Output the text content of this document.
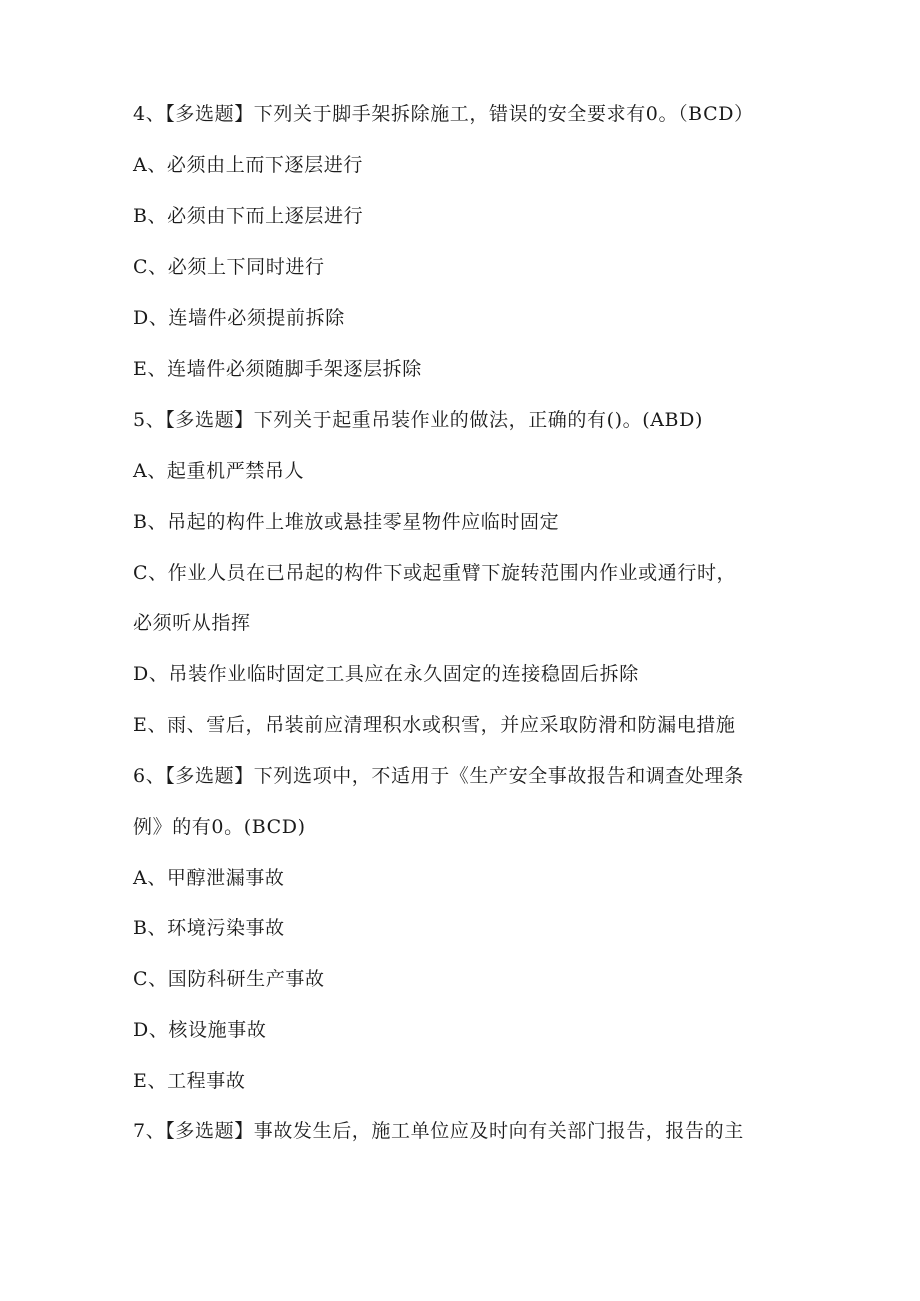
4、【多选题】下列关于脚手架拆除施工，错误的安全要求有0。（BCD）
A、必须由上而下逐层进行
B、必须由下而上逐层进行
C、必须上下同时进行
D、连墙件必须提前拆除
E、连墙件必须随脚手架逐层拆除
5、【多选题】下列关于起重吊装作业的做法，正确的有()。(ABD)
A、起重机严禁吊人
B、吊起的构件上堆放或悬挂零星物件应临时固定
C、作业人员在已吊起的构件下或起重臂下旋转范围内作业或通行时，
必须听从指挥
D、吊装作业临时固定工具应在永久固定的连接稳固后拆除
E、雨、雪后，吊装前应清理积水或积雪，并应采取防滑和防漏电措施
6、【多选题】下列选项中，不适用于《生产安全事故报告和调查处理条
例》的有0。(BCD)
A、甲醇泄漏事故
B、环境污染事故
C、国防科研生产事故
D、核设施事故
E、工程事故
7、【多选题】事故发生后，施工单位应及时向有关部门报告，报告的主
